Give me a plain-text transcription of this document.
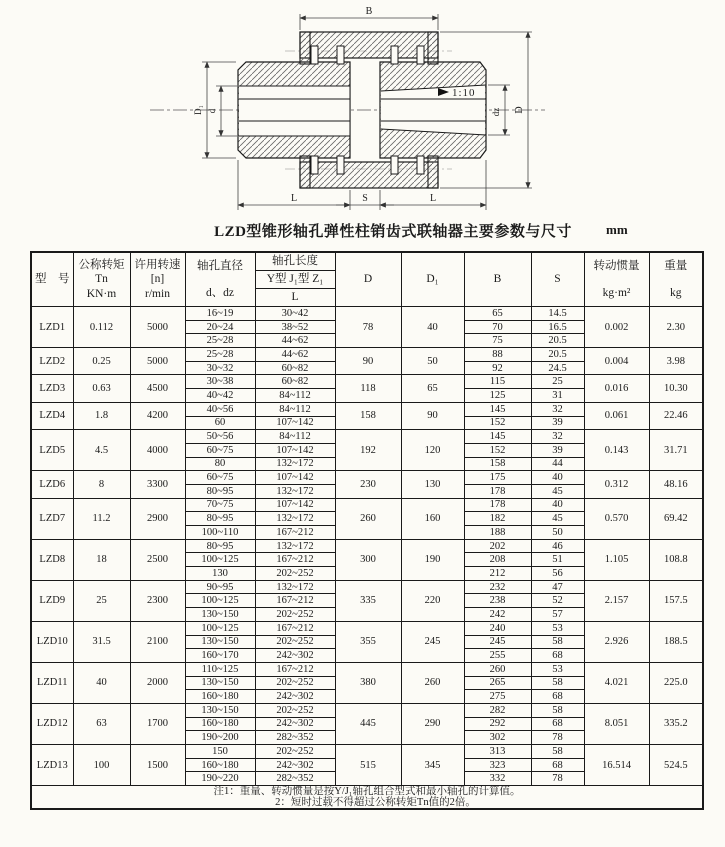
B
D
dz
D₁ d
L	S	L
1:10
LZD型锥形轴孔弹性柱销齿式联轴器主要参数与尺寸	mm
型　号	
公称转矩
Tn
KN·m

许用转速
[n]
r/min

轴孔直径
d、dz

轴孔长度
Y型 J₁型 Z₁
L
	D	D₁	B	S	
转动惯量
kg·m²

重量
kg

LZD1	0.112	5000	16~19	30~42	78	40	65	14.5	0.002	2.30
			20~24	38~52			70	16.5		
			25~28	44~62			75	20.5		
LZD2	0.25	5000	25~28	44~62	90	50	88	20.5	0.004	3.98
			30~32	60~82			92	24.5		
LZD3	0.63	4500	30~38	60~82	118	65	115	25	0.016	10.30
			40~42	84~112			125	31		
LZD4	1.8	4200	40~56	84~112	158	90	145	32	0.061	22.46
			60	107~142			152	39		
LZD5	4.5	4000	50~56	84~112	192	120	145	32	0.143	31.71
			60~75	107~142			152	39		
			80	132~172			158	44		
LZD6	8	3300	60~75	107~142	230	130	175	40	0.312	48.16
			80~95	132~172			178	45		
LZD7	11.2	2900	70~75	107~142	260	160	178	40	0.570	69.42
			80~95	132~172			182	45		
			100~110	167~212			188	50		
LZD8	18	2500	80~95	132~172	300	190	202	46	1.105	108.8
			100~125	167~212			208	51		
			130	202~252			212	56		
LZD9	25	2300	90~95	132~172	335	220	232	47	2.157	157.5
			100~125	167~212			238	52		
			130~150	202~252			242	57		
LZD10	31.5	2100	100~125	167~212	355	245	240	53	2.926	188.5
			130~150	202~252			245	58		
			160~170	242~302			255	68		
LZD11	40	2000	110~125	167~212	380	260	260	53	4.021	225.0
			130~150	202~252			265	58		
			160~180	242~302			275	68		
LZD12	63	1700	130~150	202~252	445	290	282	58	8.051	335.2
			160~180	242~302			292	68		
			190~200	282~352			302	78		
LZD13	100	1500	150	202~252	515	345	313	58	16.514	524.5
			160~180	242~302			323	68		
			190~220	282~352			332	78		

注1：重量、转动惯量是按Y/J₁轴孔组合型式和最小轴孔的计算值。
2：短时过载不得超过公称转矩Tn值的2倍。										
